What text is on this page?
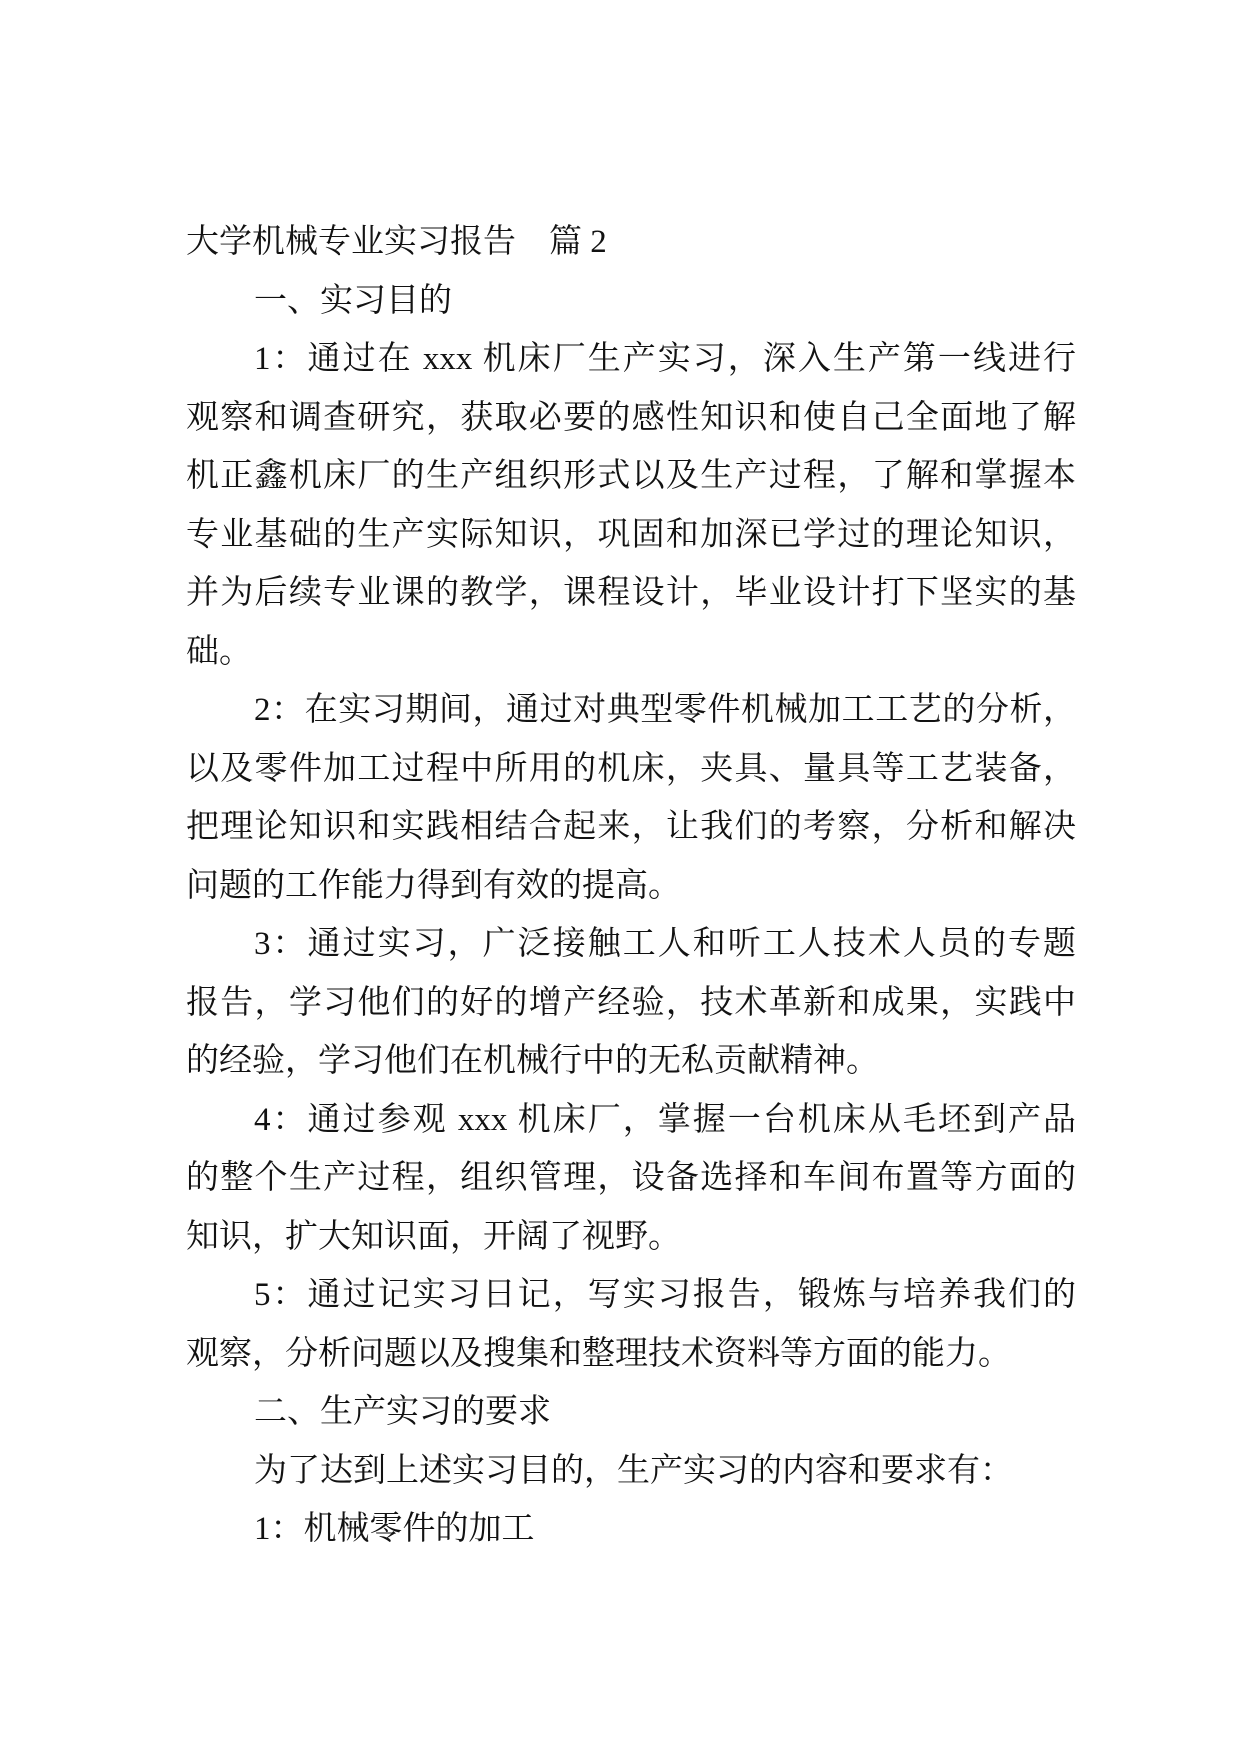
大学机械专业实习报告　篇 2
一、实习目的
1：通过在 xxx 机床厂生产实习，深入生产第一线进行
观察和调查研究，获取必要的感性知识和使自己全面地了解
机正鑫机床厂的生产组织形式以及生产过程，了解和掌握本
专业基础的生产实际知识，巩固和加深已学过的理论知识，
并为后续专业课的教学，课程设计，毕业设计打下坚实的基
础。
2：在实习期间，通过对典型零件机械加工工艺的分析，
以及零件加工过程中所用的机床，夹具、量具等工艺装备，
把理论知识和实践相结合起来，让我们的考察，分析和解决
问题的工作能力得到有效的提高。
3：通过实习，广泛接触工人和听工人技术人员的专题
报告，学习他们的好的增产经验，技术革新和成果，实践中
的经验，学习他们在机械行中的无私贡献精神。
4：通过参观 xxx 机床厂，掌握一台机床从毛坯到产品
的整个生产过程，组织管理，设备选择和车间布置等方面的
知识，扩大知识面，开阔了视野。
5：通过记实习日记，写实习报告，锻炼与培养我们的
观察，分析问题以及搜集和整理技术资料等方面的能力。
二、生产实习的要求
为了达到上述实习目的，生产实习的内容和要求有：
1：机械零件的加工
